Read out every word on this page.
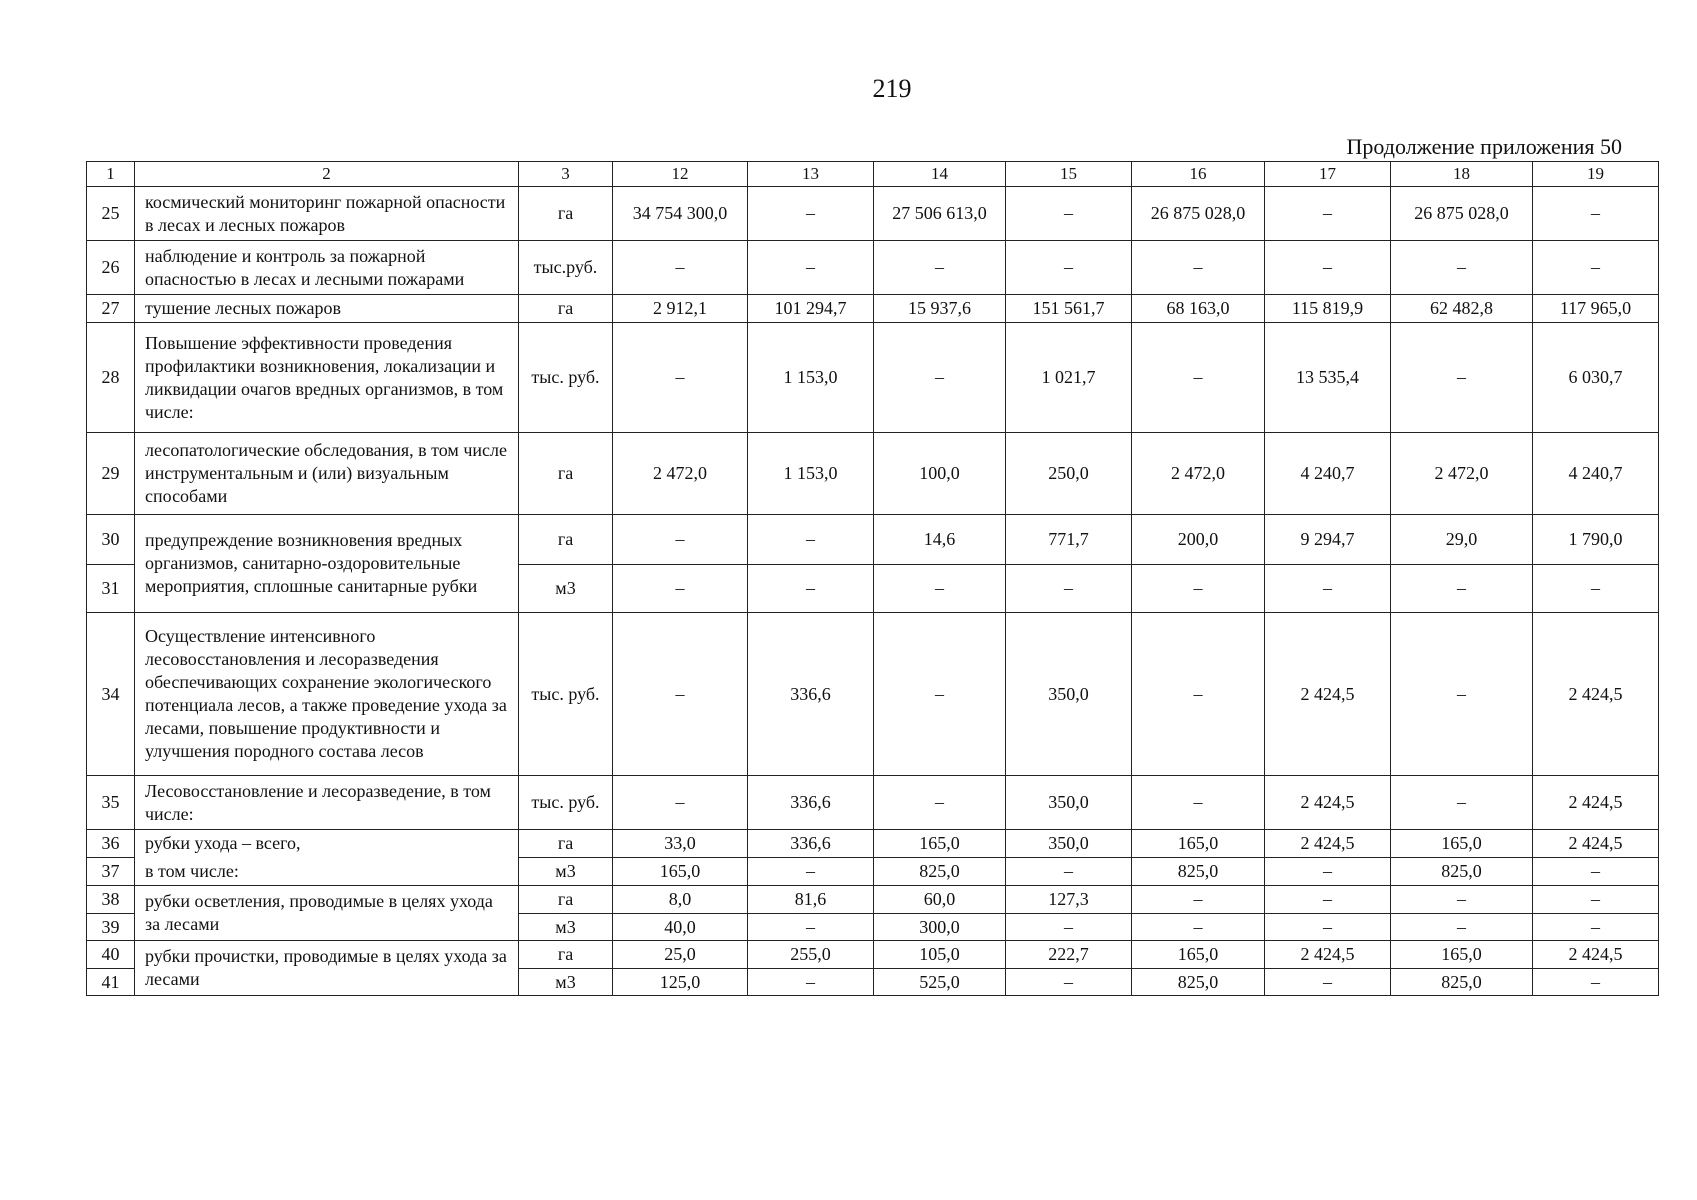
219
Продолжение приложения 50
1	2	3	12	13	14	15	16	17	18	19
25	космический мониторинг пожарной опасности в лесах и лесных пожаров	га	34 754 300,0	–	27 506 613,0	–	26 875 028,0	–	26 875 028,0	–
26	наблюдение и контроль за пожарной опасностью в лесах и лесными пожарами	тыс.руб.	–	–	–	–	–	–	–	–
27	тушение лесных пожаров	га	2 912,1	101 294,7	15 937,6	151 561,7	68 163,0	115 819,9	62 482,8	117 965,0
28	Повышение эффективности проведения профилактики возникновения, локализации и ликвидации очагов вредных организмов, в том числе:	тыс. руб.	–	1 153,0	–	1 021,7	–	13 535,4	–	6 030,7
29	лесопатологические обследования, в том числе инструментальным и (или) визуальным способами	га	2 472,0	1 153,0	100,0	250,0	2 472,0	4 240,7	2 472,0	4 240,7
30	предупреждение возникновения вредных организмов, санитарно-оздоровительные мероприятия, сплошные санитарные рубки	га	–	–	14,6	771,7	200,0	9 294,7	29,0	1 790,0
31		м3	–	–	–	–	–	–	–	–
34	Осуществление интенсивного лесовосстановления и лесоразведения обеспечивающих сохранение экологического потенциала лесов, а также проведение ухода за лесами, повышение продуктивности и улучшения породного состава лесов	тыс. руб.	–	336,6	–	350,0	–	2 424,5	–	2 424,5
35	Лесовосстановление и лесоразведение, в том числе:	тыс. руб.	–	336,6	–	350,0	–	2 424,5	–	2 424,5
36	рубки ухода – всего,	га	33,0	336,6	165,0	350,0	165,0	2 424,5	165,0	2 424,5
37	в том числе:	м3	165,0	–	825,0	–	825,0	–	825,0	–
38	рубки осветления, проводимые в целях ухода за лесами	га	8,0	81,6	60,0	127,3	–	–	–	–
39		м3	40,0	–	300,0	–	–	–	–	–
40	рубки прочистки, проводимые в целях ухода за лесами	га	25,0	255,0	105,0	222,7	165,0	2 424,5	165,0	2 424,5
41		м3	125,0	–	525,0	–	825,0	–	825,0	–
